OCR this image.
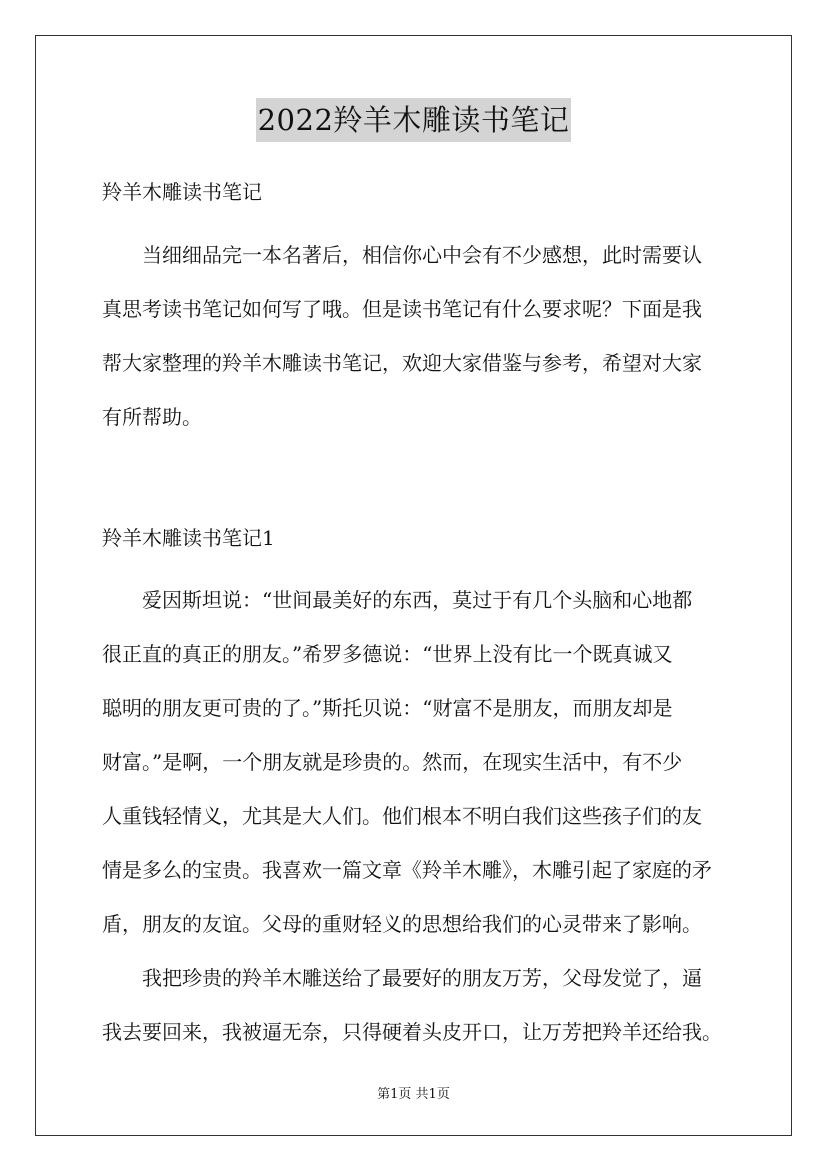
2022羚羊木雕读书笔记
羚羊木雕读书笔记
当细细品完一本名著后，相信你心中会有不少感想，此时需要认
真思考读书笔记如何写了哦。但是读书笔记有什么要求呢？下面是我
帮大家整理的羚羊木雕读书笔记，欢迎大家借鉴与参考，希望对大家
有所帮助。
羚羊木雕读书笔记1
爱因斯坦说：“世间最美好的东西，莫过于有几个头脑和心地都
很正直的真正的朋友。”希罗多德说：“世界上没有比一个既真诚又
聪明的朋友更可贵的了。”斯托贝说：“财富不是朋友，而朋友却是
财富。”是啊，一个朋友就是珍贵的。然而，在现实生活中，有不少
人重钱轻情义，尤其是大人们。他们根本不明白我们这些孩子们的友
情是多么的宝贵。我喜欢一篇文章《羚羊木雕》，木雕引起了家庭的矛
盾，朋友的友谊。父母的重财轻义的思想给我们的心灵带来了影响。
我把珍贵的羚羊木雕送给了最要好的朋友万芳，父母发觉了，逼
我去要回来，我被逼无奈，只得硬着头皮开口，让万芳把羚羊还给我。
第1页 共1页
